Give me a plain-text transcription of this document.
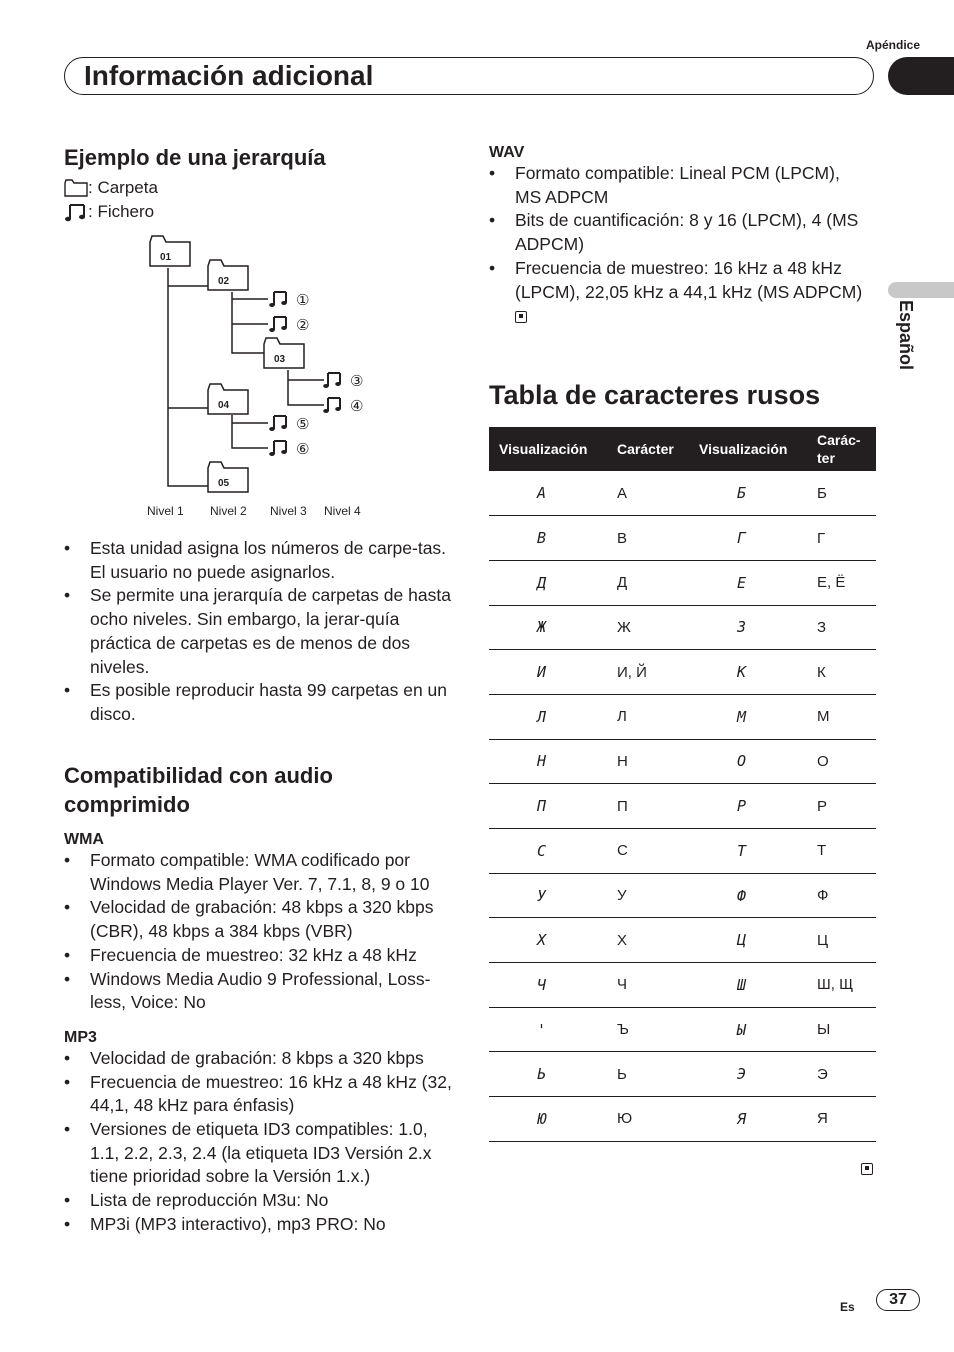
Apéndice
Información adicional
Español
Ejemplo de una jerarquía
: Carpeta
: Fichero
01
02
03
04
05
①
②
③
④
⑤
⑥
Nivel 1 Nivel 2 Nivel 3 Nivel 4
• Esta unidad asigna los números de carpe-tas. El usuario no puede asignarlos.
• Se permite una jerarquía de carpetas de hasta ocho niveles. Sin embargo, la jerar-quía práctica de carpetas es de menos de dos niveles.
• Es posible reproducir hasta 99 carpetas en un disco.
Compatibilidad con audio comprimido
WMA
• Formato compatible: WMA codificado por Windows Media Player Ver. 7, 7.1, 8, 9 o 10
• Velocidad de grabación: 48 kbps a 320 kbps (CBR), 48 kbps a 384 kbps (VBR)
• Frecuencia de muestreo: 32 kHz a 48 kHz
• Windows Media Audio 9 Professional, Loss-less, Voice: No
MP3
• Velocidad de grabación: 8 kbps a 320 kbps
• Frecuencia de muestreo: 16 kHz a 48 kHz (32, 44,1, 48 kHz para énfasis)
• Versiones de etiqueta ID3 compatibles: 1.0, 1.1, 2.2, 2.3, 2.4 (la etiqueta ID3 Versión 2.x tiene prioridad sobre la Versión 1.x.)
• Lista de reproducción M3u: No
• MP3i (MP3 interactivo), mp3 PRO: No
WAV
• Formato compatible: Lineal PCM (LPCM), MS ADPCM
• Bits de cuantificación: 8 y 16 (LPCM), 4 (MS ADPCM)
• Frecuencia de muestreo: 16 kHz a 48 kHz (LPCM), 22,05 kHz a 44,1 kHz (MS ADPCM)
Tabla de caracteres rusos
Visualización	Carácter	Visualización	Carác-ter
A	А	Б	Б
B	В	Г	Г
Д	Д	E	Е, Ё
Ж	Ж	З	З
И	И, Й	K	К
Л	Л	M	М
H	Н	O	О
П	П	P	Р
C	С	T	Т
У	У	Ф	Ф
X	Х	Ц	Ц
Ч	Ч	Ш	Ш, Щ
'	Ъ	Ы	Ы
Ь	Ь	Э	Э
Ю	Ю	Я	Я
Es	37
